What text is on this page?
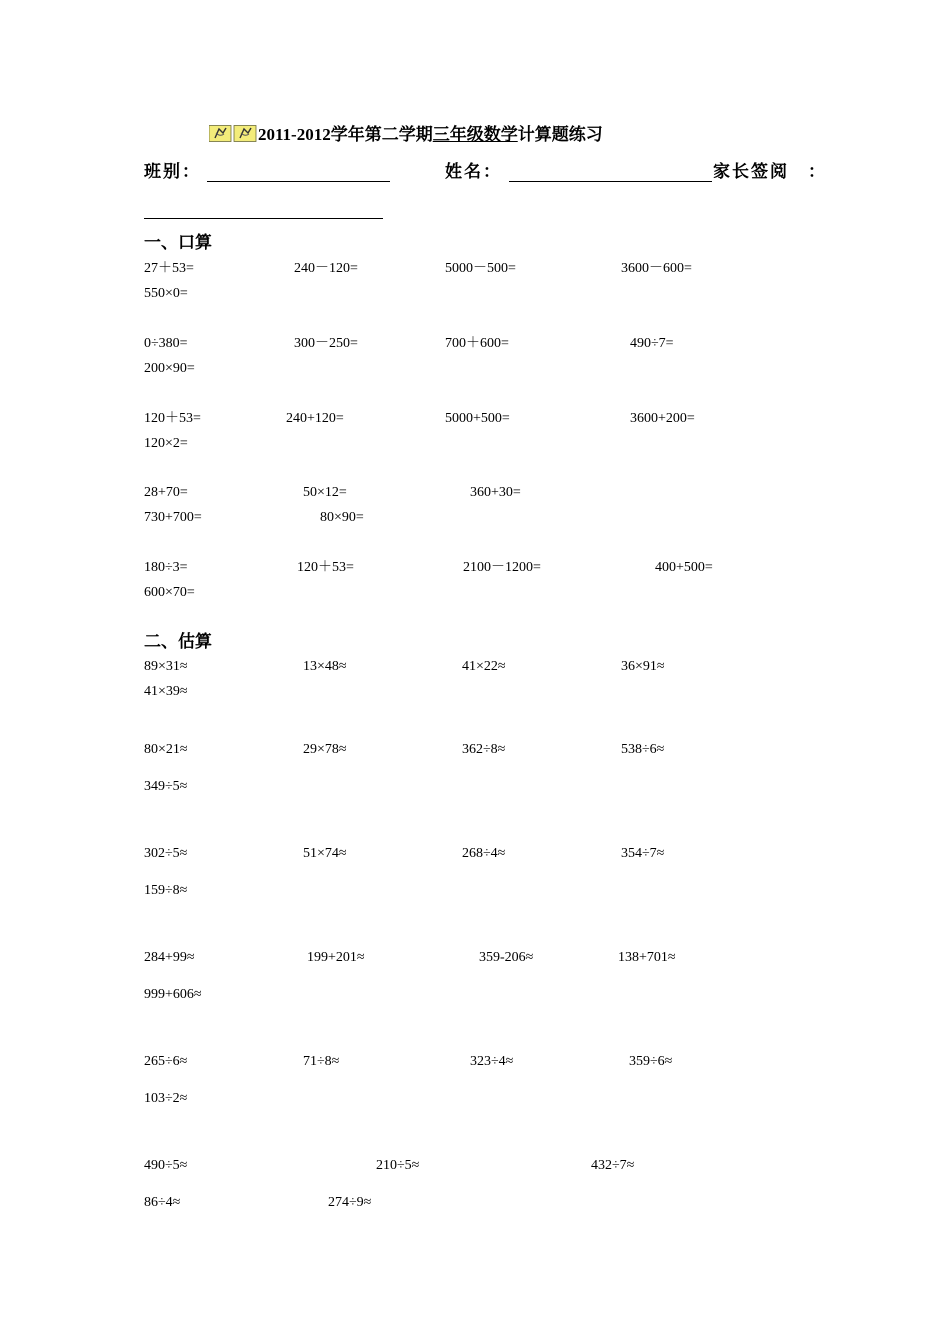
2011-2012学年第二学期三年级数学计算题练习
班别：	姓名：	家长签阅　：
一、口算
27＋53=	240－120=	5000－500=	3600－600=
550×0=
0÷380=	300－250=	700＋600=	490÷7=
200×90=
120＋53=	240+120=	5000+500=	3600+200=
120×2=
28+70=	50×12=	360+30=
730+700=	80×90=
180÷3=	120＋53=	2100－1200=	400+500=
600×70=
二、估算
89×31≈	13×48≈	41×22≈	36×91≈
41×39≈
80×21≈	29×78≈	362÷8≈	538÷6≈
349÷5≈
302÷5≈	51×74≈	268÷4≈	354÷7≈
159÷8≈
284+99≈	199+201≈	359-206≈	138+701≈
999+606≈
265÷6≈	71÷8≈	323÷4≈	359÷6≈
103÷2≈
490÷5≈	210÷5≈	432÷7≈
86÷4≈	274÷9≈
